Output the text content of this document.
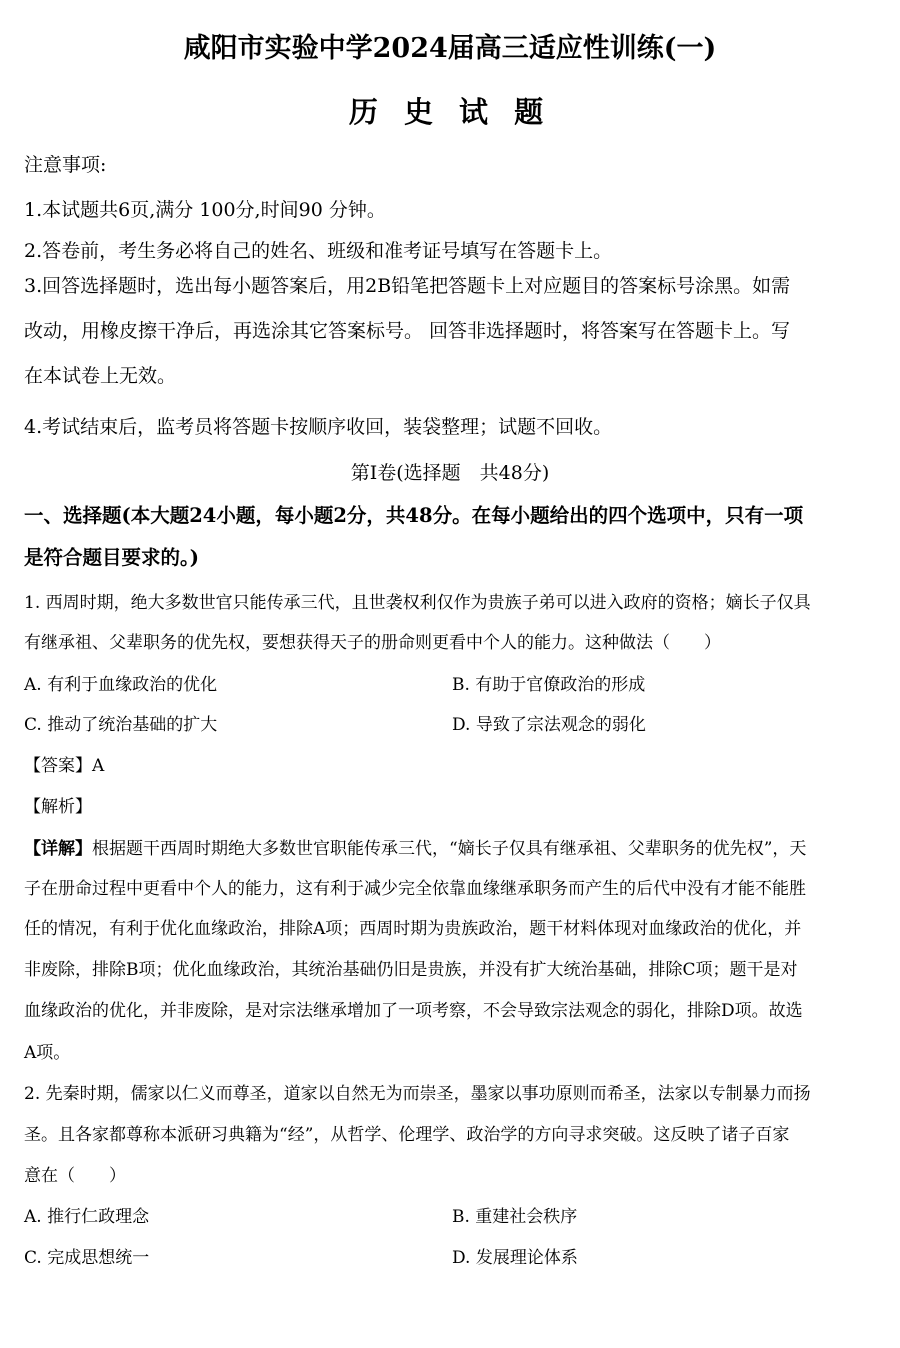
咸阳市实验中学2024届高三适应性训练(一)
历 史 试 题
注意事项:
1.本试题共6页,满分 100分,时间90 分钟。
2.答卷前，考生务必将自己的姓名、班级和准考证号填写在答题卡上。
3.回答选择题时，选出每小题答案后，用2B铅笔把答题卡上对应题目的答案标号涂黑。如需
改动，用橡皮擦干净后，再选涂其它答案标号。 回答非选择题时，将答案写在答题卡上。写
在本试卷上无效。
4.考试结束后，监考员将答题卡按顺序收回，装袋整理；试题不回收。
第Ⅰ卷(选择题　共48分)
一、选择题(本大题24小题，每小题2分，共48分。在每小题给出的四个选项中，只有一项
是符合题目要求的。)
1. 西周时期，绝大多数世官只能传承三代，且世袭权利仅作为贵族子弟可以进入政府的资格；嫡长子仅具
有继承祖、父辈职务的优先权，要想获得天子的册命则更看中个人的能力。这种做法（　　）
A. 有利于血缘政治的优化	B. 有助于官僚政治的形成
C. 推动了统治基础的扩大	D. 导致了宗法观念的弱化
【答案】A
【解析】
【详解】根据题干西周时期绝大多数世官职能传承三代，“嫡长子仅具有继承祖、父辈职务的优先权”，天
子在册命过程中更看中个人的能力，这有利于减少完全依靠血缘继承职务而产生的后代中没有才能不能胜
任的情况，有利于优化血缘政治，排除A项；西周时期为贵族政治，题干材料体现对血缘政治的优化，并
非废除，排除B项；优化血缘政治，其统治基础仍旧是贵族，并没有扩大统治基础，排除C项；题干是对
血缘政治的优化，并非废除，是对宗法继承增加了一项考察，不会导致宗法观念的弱化，排除D项。故选
A项。
2. 先秦时期，儒家以仁义而尊圣，道家以自然无为而崇圣，墨家以事功原则而希圣，法家以专制暴力而扬
圣。且各家都尊称本派研习典籍为“经”，从哲学、伦理学、政治学的方向寻求突破。这反映了诸子百家
意在（　　）
A. 推行仁政理念	B. 重建社会秩序
C. 完成思想统一	D. 发展理论体系
